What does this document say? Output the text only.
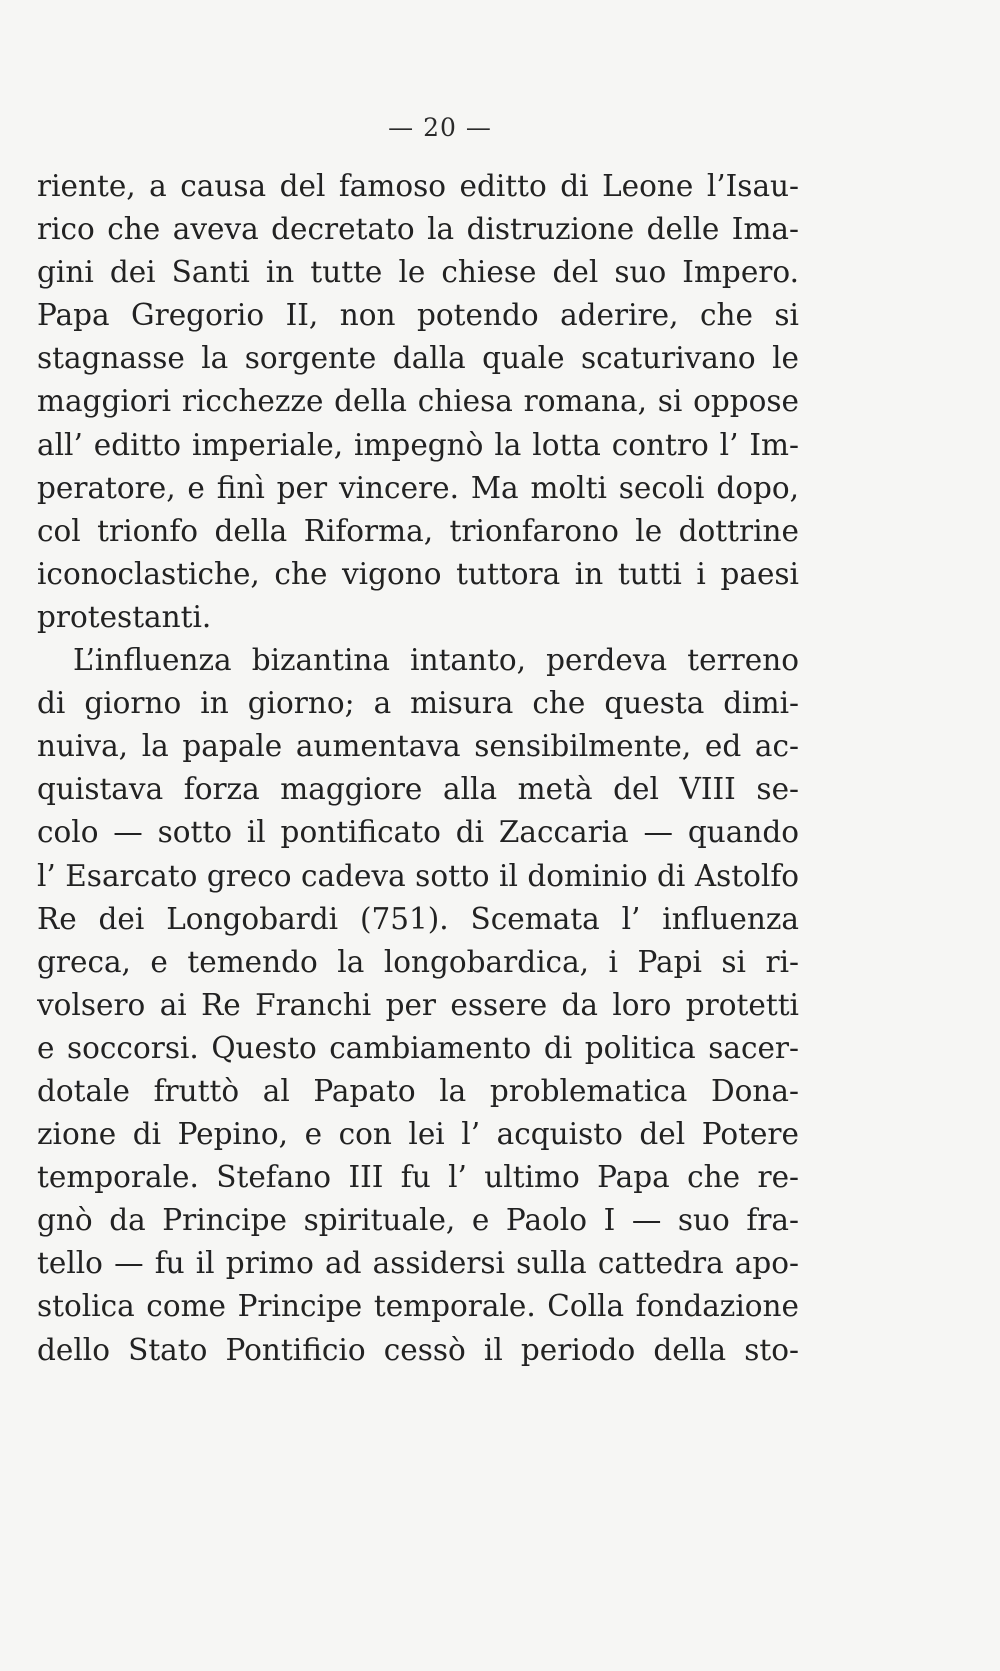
— 20 —
riente, a causa del famoso editto di Leone l’Isau-
rico che aveva decretato la distruzione delle Ima-
gini dei Santi in tutte le chiese del suo Impero.
Papa Gregorio II, non potendo aderire, che si
stagnasse la sorgente dalla quale scaturivano le
maggiori ricchezze della chiesa romana, si oppose
all’ editto imperiale, impegnò la lotta contro l’ Im-
peratore, e finì per vincere. Ma molti secoli dopo,
col trionfo della Riforma, trionfarono le dottrine
iconoclastiche, che vigono tuttora in tutti i paesi
protestanti.
L’influenza bizantina intanto, perdeva terreno
di giorno in giorno; a misura che questa dimi-
nuiva, la papale aumentava sensibilmente, ed ac-
quistava forza maggiore alla metà del VIII se-
colo — sotto il pontificato di Zaccaria — quando
l’ Esarcato greco cadeva sotto il dominio di Astolfo
Re dei Longobardi (751). Scemata l’ influenza
greca, e temendo la longobardica, i Papi si ri-
volsero ai Re Franchi per essere da loro protetti
e soccorsi. Questo cambiamento di politica sacer-
dotale fruttò al Papato la problematica Dona-
zione di Pepino, e con lei l’ acquisto del Potere
temporale. Stefano III fu l’ ultimo Papa che re-
gnò da Principe spirituale, e Paolo I — suo fra-
tello — fu il primo ad assidersi sulla cattedra apo-
stolica come Principe temporale. Colla fondazione
dello Stato Pontificio cessò il periodo della sto-
